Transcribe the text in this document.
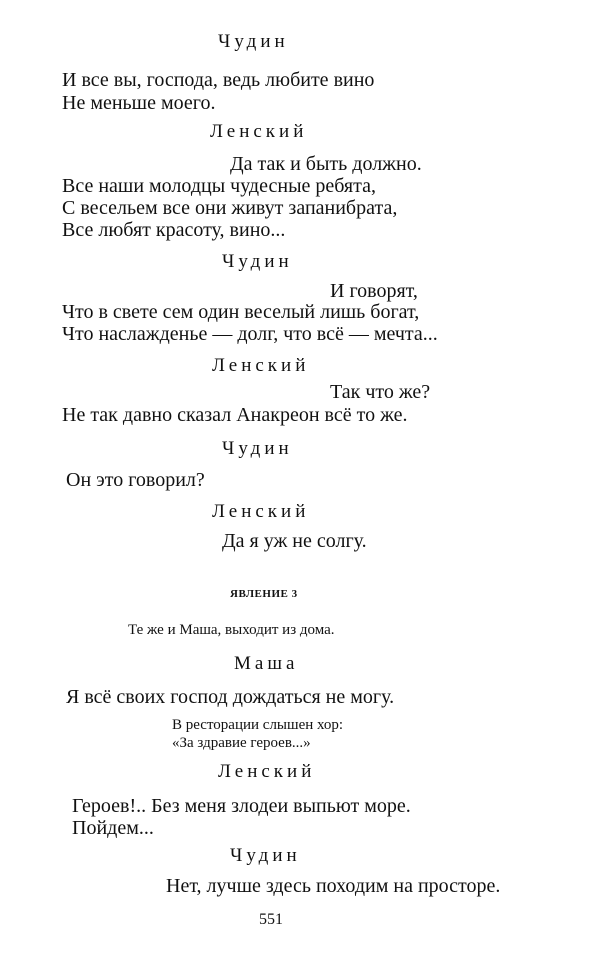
Чудин
И все вы, господа, ведь любите вино
Не меньше моего.
Ленский
Да так и быть должно.
Все наши молодцы чудесные ребята,
С весельем все они живут запанибрата,
Все любят красоту, вино...
Чудин
И говорят,
Что в свете сем один веселый лишь богат,
Что наслажденье — долг, что всё — мечта...
Ленский
Так что же?
Не так давно сказал Анакреон всё то же.
Чудин
Он это говорил?
Ленский
Да я уж не солгу.
ЯВЛЕНИЕ 3
Те же и Маша, выходит из дома.
Маша
Я всё своих господ дождаться не могу.
В ресторации слышен хор:
«За здравие героев...»
Ленский
Героев!.. Без меня злодеи выпьют море.
Пойдем...
Чудин
Нет, лучше здесь походим на просторе.
551
